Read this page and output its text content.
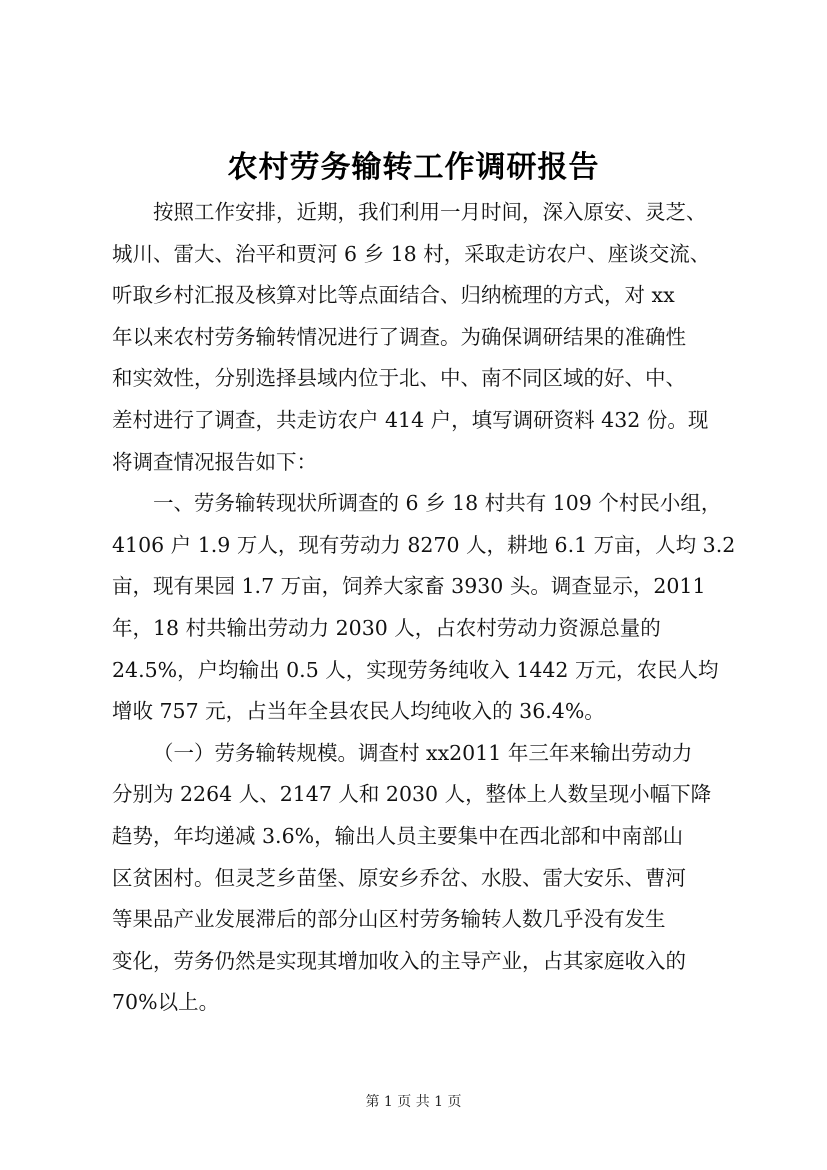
农村劳务输转工作调研报告
按照工作安排，近期，我们利用一月时间，深入原安、灵芝、
城川、雷大、治平和贾河 6 乡 18 村，采取走访农户、座谈交流、
听取乡村汇报及核算对比等点面结合、归纳梳理的方式，对 xx
年以来农村劳务输转情况进行了调查。为确保调研结果的准确性
和实效性，分别选择县域内位于北、中、南不同区域的好、中、
差村进行了调查，共走访农户 414 户，填写调研资料 432 份。现
将调查情况报告如下：
一、劳务输转现状所调查的 6 乡 18 村共有 109 个村民小组，
4106 户 1.9 万人，现有劳动力 8270 人，耕地 6.1 万亩，人均 3.2
亩，现有果园 1.7 万亩，饲养大家畜 3930 头。调查显示，2011
年，18 村共输出劳动力 2030 人，占农村劳动力资源总量的
24.5%，户均输出 0.5 人，实现劳务纯收入 1442 万元，农民人均
增收 757 元，占当年全县农民人均纯收入的 36.4%。
（一）劳务输转规模。调查村 xx2011 年三年来输出劳动力
分别为 2264 人、2147 人和 2030 人，整体上人数呈现小幅下降
趋势，年均递减 3.6%，输出人员主要集中在西北部和中南部山
区贫困村。但灵芝乡苗堡、原安乡乔岔、水股、雷大安乐、曹河
等果品产业发展滞后的部分山区村劳务输转人数几乎没有发生
变化，劳务仍然是实现其增加收入的主导产业，占其家庭收入的
70%以上。
第 1 页 共 1 页
